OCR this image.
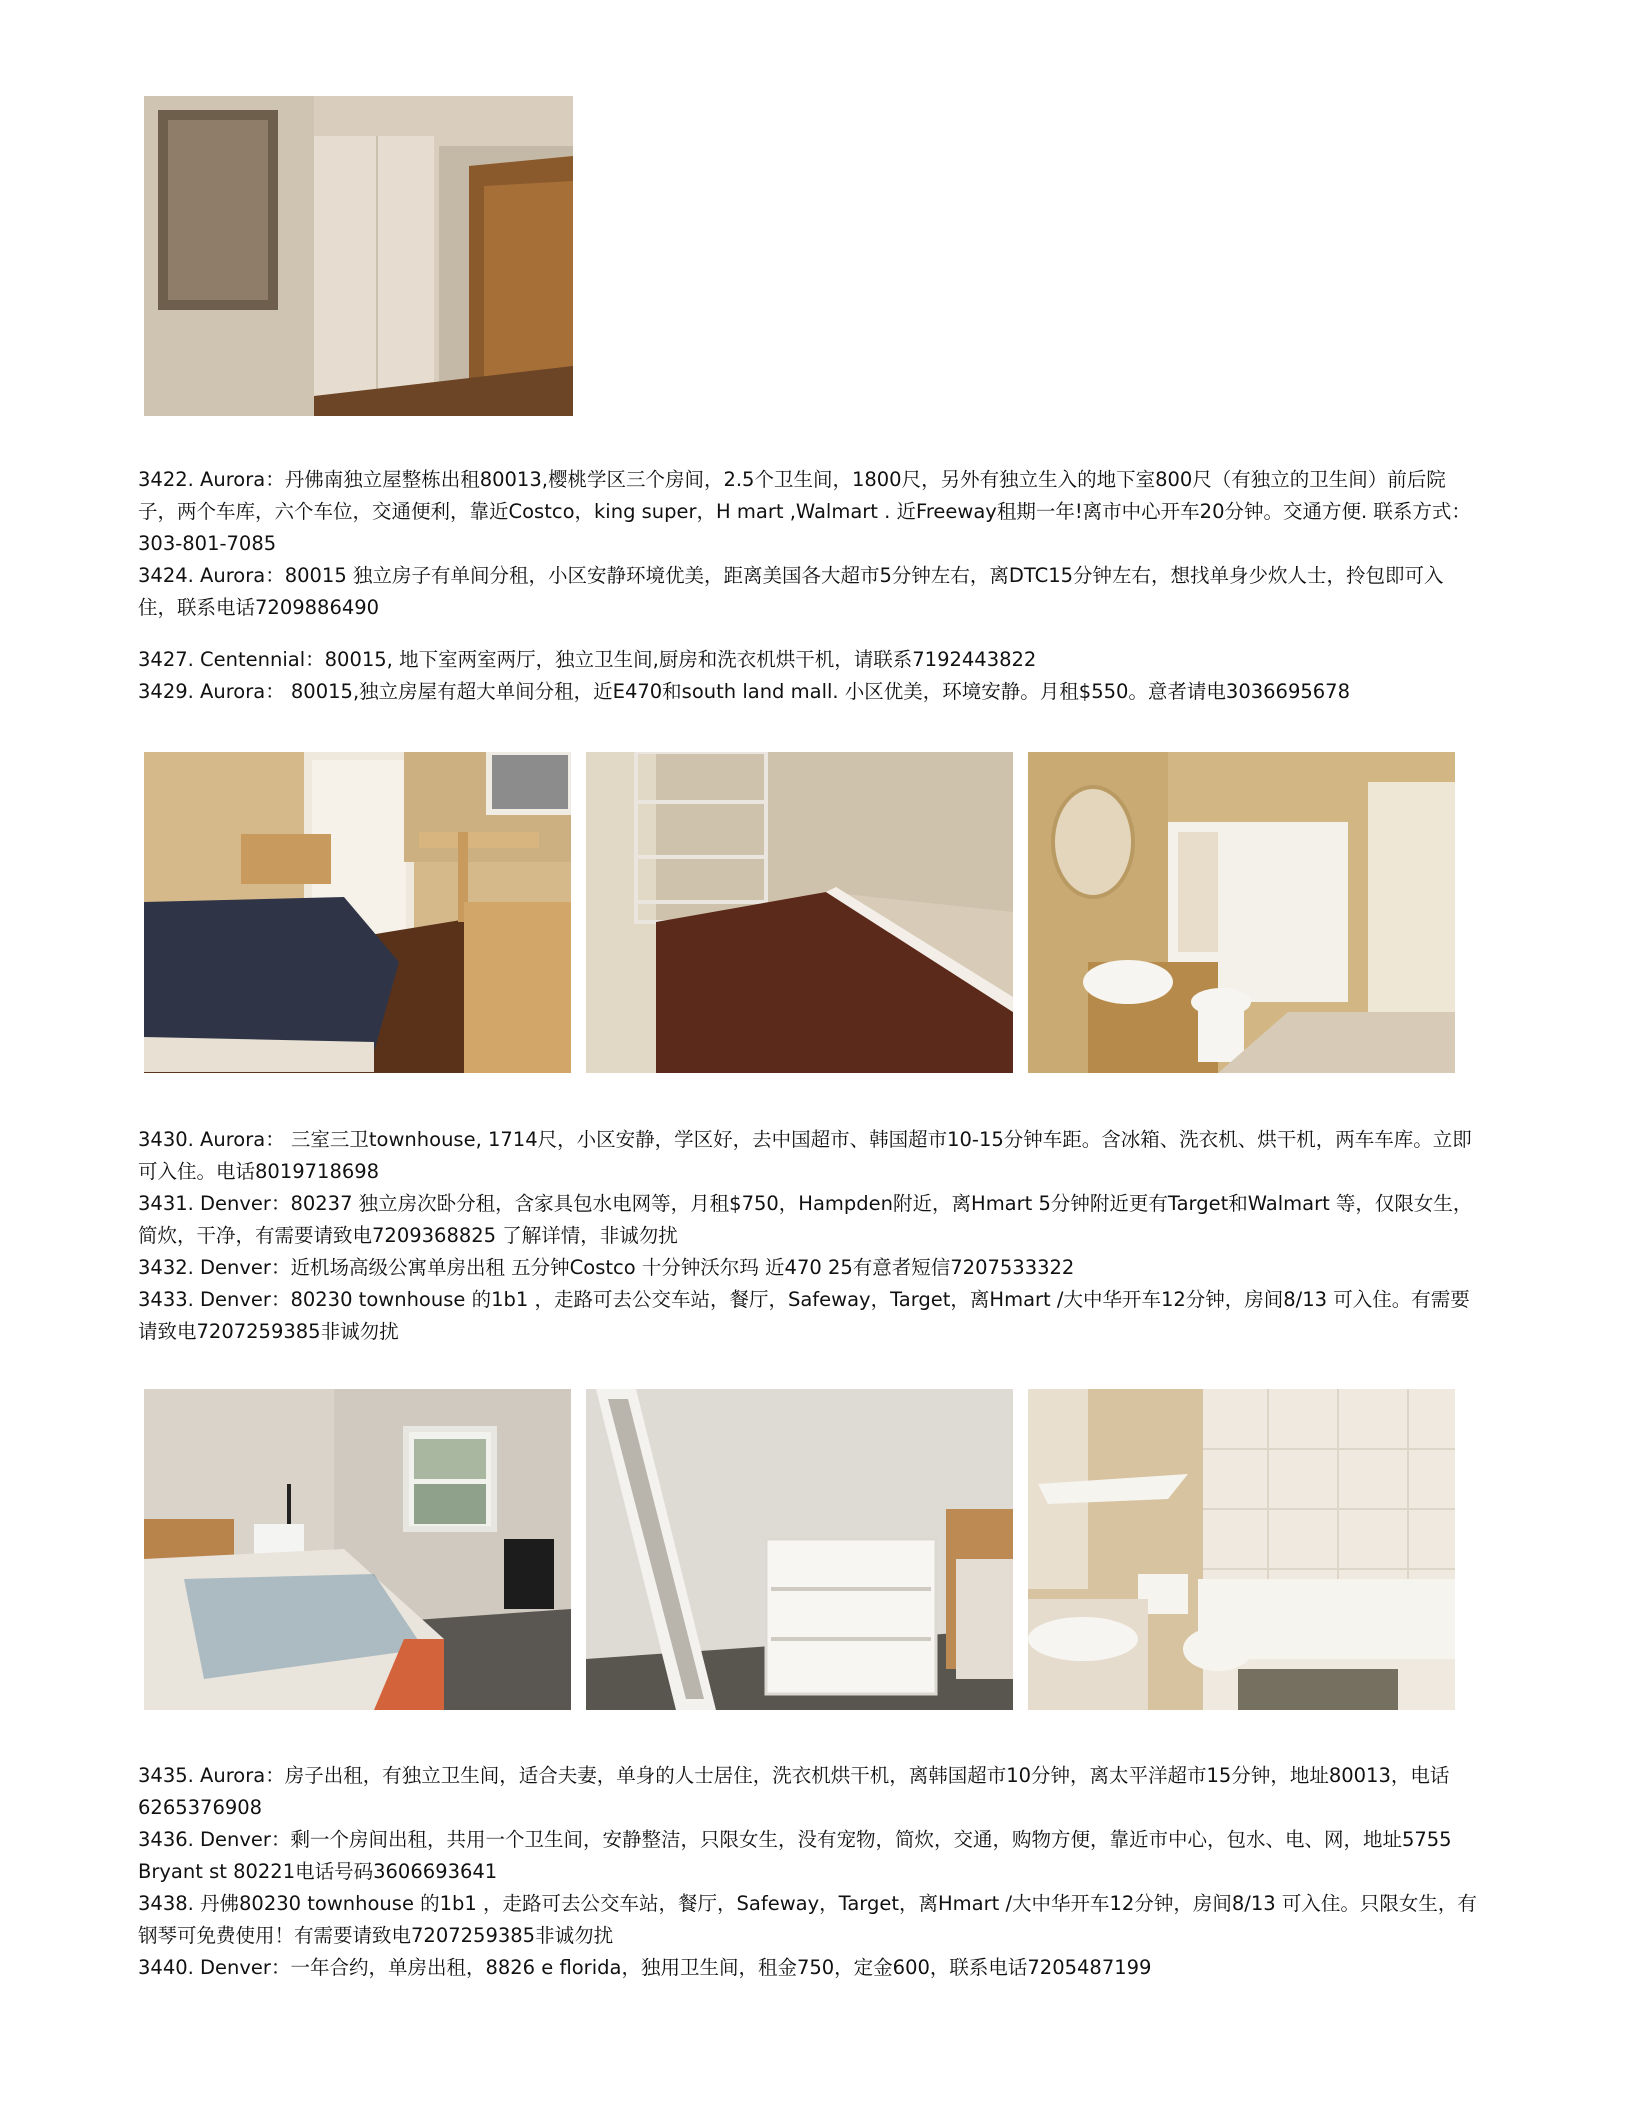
3422. Aurora：丹佛南独立屋整栋出租80013,樱桃学区三个房间，2.5个卫生间，1800尺，另外有独立生入的地下室800尺（有独立的卫生间）前后院子，两个车库，六个车位，交通便利，靠近Costco，king super，H mart ,Walmart . 近Freeway租期一年!离市中心开车20分钟。交通方便. 联系方式：303-801-7085

3424. Aurora：80015 独立房子有单间分租，小区安静环境优美，距离美国各大超市5分钟左右，离DTC15分钟左右，想找单身少炊人士，拎包即可入住，联系电话7209886490

3427. Centennial：80015, 地下室两室两厅，独立卫生间,厨房和洗衣机烘干机，请联系7192443822

3429. Aurora： 80015,独立房屋有超大单间分租，近E470和south land mall. 小区优美，环境安静。月租$550。意者请电3036695678

3430. Aurora： 三室三卫townhouse, 1714尺，小区安静，学区好，去中国超市、韩国超市10-15分钟车距。含冰箱、洗衣机、烘干机，两车车库。立即可入住。电话8019718698

3431. Denver：80237 独立房次卧分租，含家具包水电网等，月租$750，Hampden附近，离Hmart 5分钟附近更有Target和Walmart 等，仅限女生，简炊，干净，有需要请致电7209368825 了解详情，非诚勿扰

3432. Denver：近机场高级公寓单房出租 五分钟Costco 十分钟沃尔玛 近470 25有意者短信7207533322

3433. Denver：80230 townhouse 的1b1 ，走路可去公交车站，餐厅，Safeway，Target，离Hmart /大中华开车12分钟，房间8/13 可入住。有需要请致电7207259385非诚勿扰

3435. Aurora：房子出租，有独立卫生间，适合夫妻，单身的人士居住，洗衣机烘干机，离韩国超市10分钟，离太平洋超市15分钟，地址80013，电话6265376908

3436. Denver：剩一个房间出租，共用一个卫生间，安静整洁，只限女生，没有宠物，简炊，交通，购物方便，靠近市中心，包水、电、网，地址5755 Bryant st 80221电话号码3606693641

3438. 丹佛80230 townhouse 的1b1 ，走路可去公交车站，餐厅，Safeway，Target，离Hmart /大中华开车12分钟，房间8/13 可入住。只限女生，有钢琴可免费使用！有需要请致电7207259385非诚勿扰

3440. Denver：一年合约，单房出租，8826 e florida，独用卫生间，租金750，定金600，联系电话7205487199
